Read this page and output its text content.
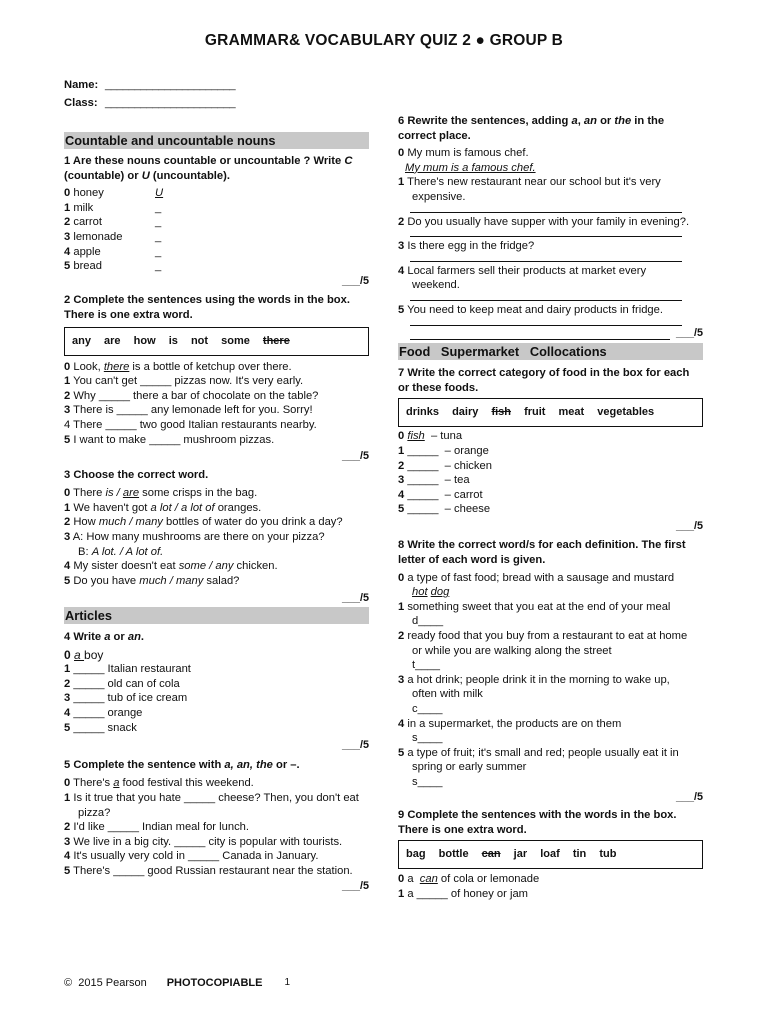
GRAMMAR& VOCABULARY QUIZ 2 ● GROUP B
Name: ______________________
Class: ______________________
Countable and uncountable nouns
1 Are these nouns countable or uncountable ? Write C (countable) or U (uncountable).
0 honey	U
1 milk	_
2 carrot	_
3 lemonade	_
4 apple	_
5 bread	_
___/5
2 Complete the sentences using the words in the box. There is one extra word.
any are how is not some there
0 Look, there is a bottle of ketchup over there.
1 You can't get _____ pizzas now. It's very early.
2 Why _____ there a bar of chocolate on the table?
3 There is _____ any lemonade left for you. Sorry!
4 There _____ two good Italian restaurants nearby.
5 I want to make _____ mushroom pizzas.
___/5
3 Choose the correct word.
0 There is / are some crisps in the bag.
1 We haven't got a lot / a lot of oranges.
2 How much / many bottles of water do you drink a day?
3 A: How many mushrooms are there on your pizza?
B: A lot. / A lot of.
4 My sister doesn't eat some / any chicken.
5 Do you have much / many salad?
___/5
Articles
4 Write a or an.
0 a boy
1 _____ Italian restaurant
2 _____ old can of cola
3 _____ tub of ice cream
4 _____ orange
5 _____ snack
___/5
5 Complete the sentence with a, an, the or –.
0 There's a food festival this weekend.
1 Is it true that you hate _____ cheese? Then, you don't eat
pizza?
2 I'd like _____ Indian meal for lunch.
3 We live in a big city. _____ city is popular with tourists.
4 It's usually very cold in _____ Canada in January.
5 There's _____ good Russian restaurant near the station.
___/5
6 Rewrite the sentences, adding a, an or the in the correct place.
0 My mum is famous chef.
My mum is a famous chef.
1 There's new restaurant near our school but it's very
expensive.
2 Do you usually have supper with your family in evening?.
3 Is there egg in the fridge?
4 Local farmers sell their products at market every
weekend.
5 You need to keep meat and dairy products in fridge.
___/5
Food   Supermarket   Collocations
7 Write the correct category of food in the box for each or these foods.
drinks dairy fish fruit meat vegetables
0 fish  – tuna
1 _____  – orange
2 _____  – chicken
3 _____  – tea
4 _____  – carrot
5 _____  – cheese
___/5
8 Write the correct word/s for each definition. The first letter of each word is given.
0 a type of fast food; bread with a sausage and mustard
hot dog
1 something sweet that you eat at the end of your meal
d____
2 ready food that you buy from a restaurant to eat at home
or while you are walking along the street
t____
3 a hot drink; people drink it in the morning to wake up,
often with milk
c____
4 in a supermarket, the products are on them
s____
5 a type of fruit; it's small and red; people usually eat it in
spring or early summer
s____
___/5
9 Complete the sentences with the words in the box. There is one extra word.
bag bottle can jar loaf tin tub
0 a  can of cola or lemonade
1 a _____ of honey or jam
©  2015 Pearson PHOTOCOPIABLE 1
